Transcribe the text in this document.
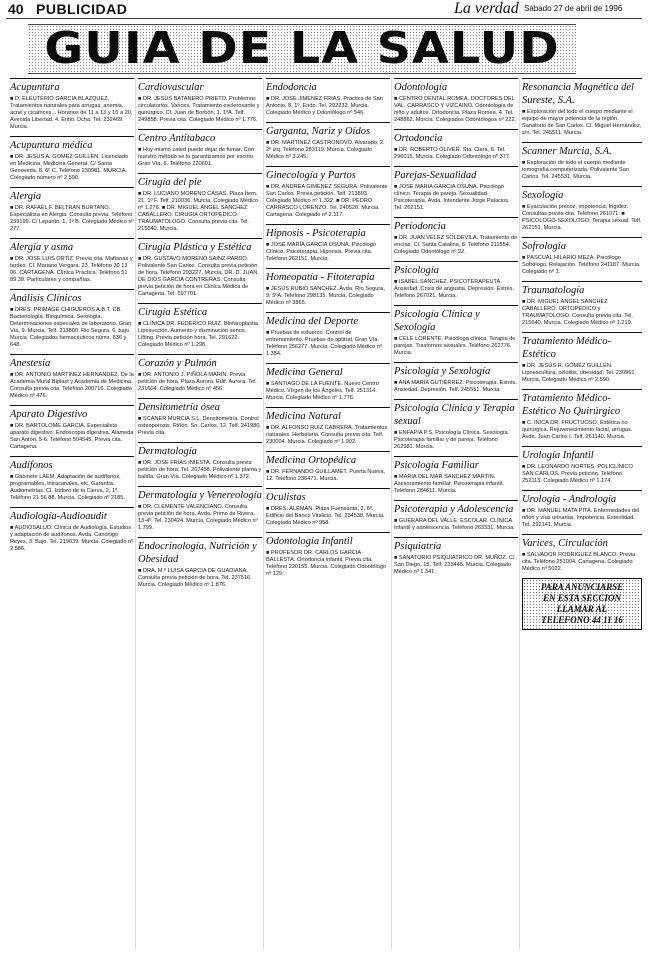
40 PUBLICIDAD	La verdad Sábado 27 de abril de 1996
GUIA DE LA SALUD
Acupuntura
■ D. ELEUTERIO GARCIA BLAZQUEZ. Tratamientos naturales para arrugas, anemia, acné y cicatrices... Horarios de 11 a 13 y 15 a 20. Avenida Libertad. 4. Entlo. Dcha. Tel. 232469. Murcia.
Acupuntura médica
■ DR. JESUS A. GOMEZ GUILLEN. Licenciado en Medicina. Medicina General. C/ Santa Genoveda. 8. 6º C. Teléfono 230981. MURCIA. Colegiado número nº 2.590.
Alergia
■ DR. RAFAEL F. BELTRAN BURTANO. Especialista en Alergia. Consulta previa. Teléfono 239199. C/ Lepanto, 1, 1º B. Colegiado Médico nº 277.
Alergia y asma
■ DR. JOSE LUIS ORTIZ. Previa cita. Mañanas y tardes. Cl. Mariano Vergara. 23. Teléfono 30 13 06. CARTAGENA. Clínica Practica. Teléfono 51 89 39. Particulares y compañías.
Análisis Clínicos
■ DRES. PRIMAGE CHIGUEROS A.B.T. CB. Bacteriología. Bioquímica. Serología. Determinaciones especiales de laboratorio. Gran Vía, 9. Murcia. Telf. 213800. Rio Segura, 6, bajo. Murcia. Colegiados farmacéuticos núms. 636 y 648.
Anestesia
■ DR. ANTONIO MARTINEZ HERNANDEZ. De la Academia Mural Biplast y Academia de Medicina. Consulta previa cita. Teléfono 200716. Colegiado Médico nº 476.
Aparato Digestivo
■ DR. BARTOLOME GARCIA. Especialista aparato digestivo. Endoscopia digestiva. Alameda San Antón, 5-6. Teléfono 504545. Previa cita. Cartagena.
Audífonos
■ Gabinete LAEM. Adaptación de audífonos, programables, intracanales, etc. Garantía. Audiometrías. Cl. Isidoro de la Cierva, 2, 1º. Teléfono 21 56 88. Murcia. Colegiado nº 2185.
Audiología-Audioaudit
■ AUDIOSALUD. Clínica de Audiología. Estudios y adaptación de audífonos. Avda. Canónigo Reyes, 3. Bajo. Tel. 219039. Murcia. Colegiado nº 2.586.
Cardiovascular
■ DR. JESUS BATANERO PRIETO. Problemas circulatorios. Varices. Tratamiento esclerosante y quirúrgico. Cl. Juan de Borbón, 1. 1ºA. Telf. 249858. Previa cita. Colegiado Médico nº 1.776.
Centro Antitabaco
■ Hoy mismo usted puede dejar de fumar. Con nuestro método se lo garantizamos por escrito. Gran Vía, 6. Teléfono 220601.
Cirugía del pie
■ DR. LUCIANO MORENO CASAS. Plaza Ítem. 21. 1º F. Telf. 210036. Murcia. Colegiado Médico nº 1.276. ■ DR. MIGUEL ANGEL SANCHEZ CABALLERO. CIRUGIA ORTOPEDICO-TRAUMATOLOGO. Consulta previa cita. Tel. 215640. Murcia.
Cirugía Plástica y Estética
■ DR. GUSTAVO MORENO SAINZ-PARDO. Polivalente San Carlos. Consulta previa petición de hora. Teléfono 293227. Murcia. DR. D. JUAN DE DIOS GARCIA CONTRERAS. Consulta previa petición de hora en Clinica Médica de Cartagena. Tel. 597701.
Cirugía Estética
■ CLÍNICA DR. FEDERICO RUIZ. Blefaroplastia. Liposucción. Aumento y disminución senos. Lifting. Previa petición hora. Tel. 291622. Colegiado Médico nº 1.298.
Corazón y Pulmón
■ DR. ANTONIO J. PIÑOLA MARÍN. Previa petición de hora. Plaza Aurora. Edif. Aurora. Tel. 231604. Colegiado Médico nº 456.
Densitometría ósea
■ SCANER MURCIA S.L. Densitometría. Control osteoporosis. Riñón. Sn. Carlos, 12. Telf. 241980. Previa cita.
Dermatología
■ DR. JOSE FRIAS INIESTA. Consulta previa petición de hora. Tel. 267458. Polivalente planta y baldía. Gran Vía. Colegiado Médico nº 1.372.
Dermatología y Venereología
■ DR. CLEMENTE VALENCIANO. Consulta previa petición de hora. Avda. Primo de Rivera, 13-4º. Tel. 230424. Murcia. Colegiado Médico nº 1.799.
Endocrinología, Nutrición y Obesidad
■ DRA. M.ª LUISA GARCIA DE GUADIANA. Consulta previa petición de hora. Tel. 237516. Murcia. Colegiado Médico nº 1.876.
Endodoncia
■ DR. JOSE JIMENEZ FRIAS. Práctica de San Antonio, 8, 1º. Endo. Tel. 292232. Murcia. Colegiado Médico y Odontólogo nº 546.
Garganta, Nariz y Oídos
■ DR. MARTINEZ CASTRONOVO. Alvarado, 2. 2º izq. Teléfono 283119. Murcia. Colegiado Médico nº 3.245.
Ginecología y Partos
■ DR. ANDREA GIMENEZ SEGURA. Polivalente San Carlos. Previa petición. Telf. 213803. Colegiado Médico nº 1.322. ■ DR. PEDRO CARRASCO LORENZO. Tel. 240520. Murcia. Cartagena. Colegiado nº 2.117.
Hipnosis - Psicoterapia
■ JOSÉ MARÍA GARCIA OSUNA. Psicólogo Clínico. Psicoterapia. Hipnosis. Previa cita. Teléfono 262151. Murcia.
Homeopatía - Fitoterapia
■ JESÚS RUBIO SANCHEZ. Avda. Río Segura, 9. 5ºA. Teléfono 298135. Murcia. Colegiado Médico nº 3865.
Medicina del Deporte
■ Pruebas de esfuerzo. Control de entrenamiento. Pruebas de aptitud. Gran Vía. Teléfono 256277. Murcia. Colegiado Médico nº 1.354.
Medicina General
■ SANTIAGO DE LA FUENTE. Nuevo Centro Médico. Vírgen de los Ángeles. Telf. 251314. Murcia. Colegiado Médico nº 1.776.
Medicina Natural
■ DR. ALFONSO RUIZ CABRERA. Tratamientos naturales. Herbolaria. Consulta previa cita. Telf. 230004. Murcia. Colegiado nº 1.902.
Medicina Ortopédica
■ DR. FERNANDO GUILLAMET. Puerta Nueva, 12. Teléfono 236471. Murcia.
Oculistas
■ DRES. ALEMAN. Plaza Fuensanta, 2, 6º. Edificio del Banco Vitalicio. Tel. 234538. Murcia. Colegiado Médico nº 958.
Odontología Infantil
■ PROFESOR DR. CARLOS GARCIA BALLESTA. Ortodoncia infantil. Previa cita. Teléfono 220155. Murcia. Colegiado Odontólogo nº 129.
Odontología
■ CENTRO DENTAL ROMEA. DOCTORES DEL VAL, CARRASCO Y VIZCAINO. Odontología de niño y adultos. Ortodoncia. Plaza Romea, 4. Tel. 248862. Murcia. Colegiados Odontólogos nº 222.
Ortodoncia
■ DR. ROBERTO OLIVER. Sta. Clara, 8. Tel. 296015. Murcia. Colegiado Odontólogo nº 377.
Parejas-Sexualidad
■ JOSE MARIA GARCIA OSUNA. Psicólogo clínico. Terapia de pareja. Sexualidad. Psicoterapia. Avda. Intendente Jorge Palacios. Tel. 262151.
Periodoncia
■ DR. JUAN VÉLEZ SOLDEVILA. Tratamiento de encías. Cl. Santa Catalina, 8. Teléfono 211554. Colegiado Odontólogo nº 92.
Psicología
■ ISABEL SANCHEZ. PSICOTERAPEUTA. Ansiedad. Crisis de angustia. Depresión. Estrés. Teléfono 267021. Murcia.
Psicología Clínica y Sexología
■ CELE LORENTE. Psicóloga clínica. Terapia de parejas. Trastornos sexuales. Teléfono 262776. Murcia.
Psicología y Sexología
■ ANA MARÍA GUTIÉRREZ. Psicoterapia. Estrés. Ansiedad. Depresión. Telf. 245551. Murcia.
Psicología Clínica y Terapia sexual
■ ENFAPIA P.S. Psicología Clínica. Sexología. Psicoterapia familiar y de pareja. Teléfono 262981. Murcia.
Psicología Familiar
■ MARIA DEL MAR SANCHEZ MARTIN. Asesoramiento familiar. Psicoterapia infantil. Teléfono 284611. Murcia.
Psicoterapia y Adolescencia
■ GUERARA DEL VALLE. ESCOLAR. CLÍNICA. Infantil y adolescencia. Teléfono 263331. Murcia.
Psiquiatría
■ SANATORIO PSIQUIATRICO DR. MUÑOZ. C/ San Diego, 15. Telf. 233445. Murcia. Colegiado Médico nº 1.341.
Resonancia Magnética del Sureste, S.A.
■ Exploración del todo el cuerpo mediante el equipo de mayor potencia de la región. Sanatorio de San Carlos. Cl. Miguel Hernández, s/n. Tel. 245511. Murcia.
Scanner Murcia, S.A.
■ Exploración de todo el cuerpo mediante tomografía computerizada. Polivalente San Carlos. Tel. 245531. Murcia.
Sexología
■ Eyaculación precoz, impotencia, frigidez. Consultas previa cita. Teléfono 261071. ■ PSICOLOGO-SEXOLOGO. Terapia sexual. Telf. 262151. Murcia.
Sofrología
■ PASCUAL HILARIO MEZA. Psicólogo Sofrólogo. Relajación. Teléfono 241187. Murcia. Colegiado nº 1.
Traumatología
■ DR. MIGUEL ANGEL SANCHEZ CABALLERO. ORTOPEDICO y TRAUMATOLOGO. Consulta previa cita. Tel. 215640. Murcia. Colegiado Médico nº 1.219.
Tratamiento Médico-Estético
■ DR. JESÚS R. GÓMEZ GUILLÉN. Lipoescultura, celulitis, obesidad. Tel. 230961. Murcia. Colegiado Médico nº 2.590.
Tratamiento Médico-Estético No Quirúrgico
■ C. INICA DR. FRUCTUOSO. Estética no quirúrgica. Rejuvenecimiento facial, arrugas. Avda. Juan Carlos I. Telf. 261140. Murcia.
Urología Infantil
■ DR. LEONARDO NORTES. POLICLÍNICO SAN CARLOS. Previa petición. Teléfono 252113. Colegiado Médico nº 1.174.
Urología - Andrología
■ DR. MANUEL MATA PITA. Enfermedades del riñón y vías urinarias. Impotencia. Esterilidad. Tel. 292141. Murcia.
Varices, Circulación
■ SALVADOR RODRIGUEZ BLANCO. Previa cita. Teléfono 251004. Cartagena. Colegiado Médico nº 5022.
PARA ANUNCIARSE
EN ESTA SECCION
LLAMAR AL
TELEFONO 44 11 16
